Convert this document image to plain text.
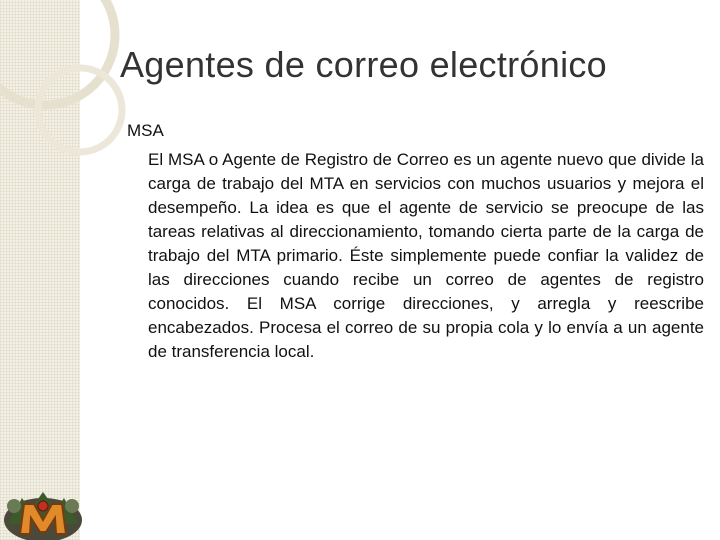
Agentes de correo electrónico
MSA

El MSA o Agente de Registro de Correo es un agente nuevo que divide la carga de trabajo del MTA en servicios con muchos usuarios y mejora el desempeño. La idea es que el agente de servicio se preocupe de las tareas relativas al direccionamiento, tomando cierta parte de la carga de trabajo del MTA primario. Éste simplemente puede confiar la validez de las direcciones cuando recibe un correo de agentes de registro conocidos. El MSA corrige direcciones, y arregla y reescribe encabezados. Procesa el correo de su propia cola y lo envía a un agente de transferencia local.
